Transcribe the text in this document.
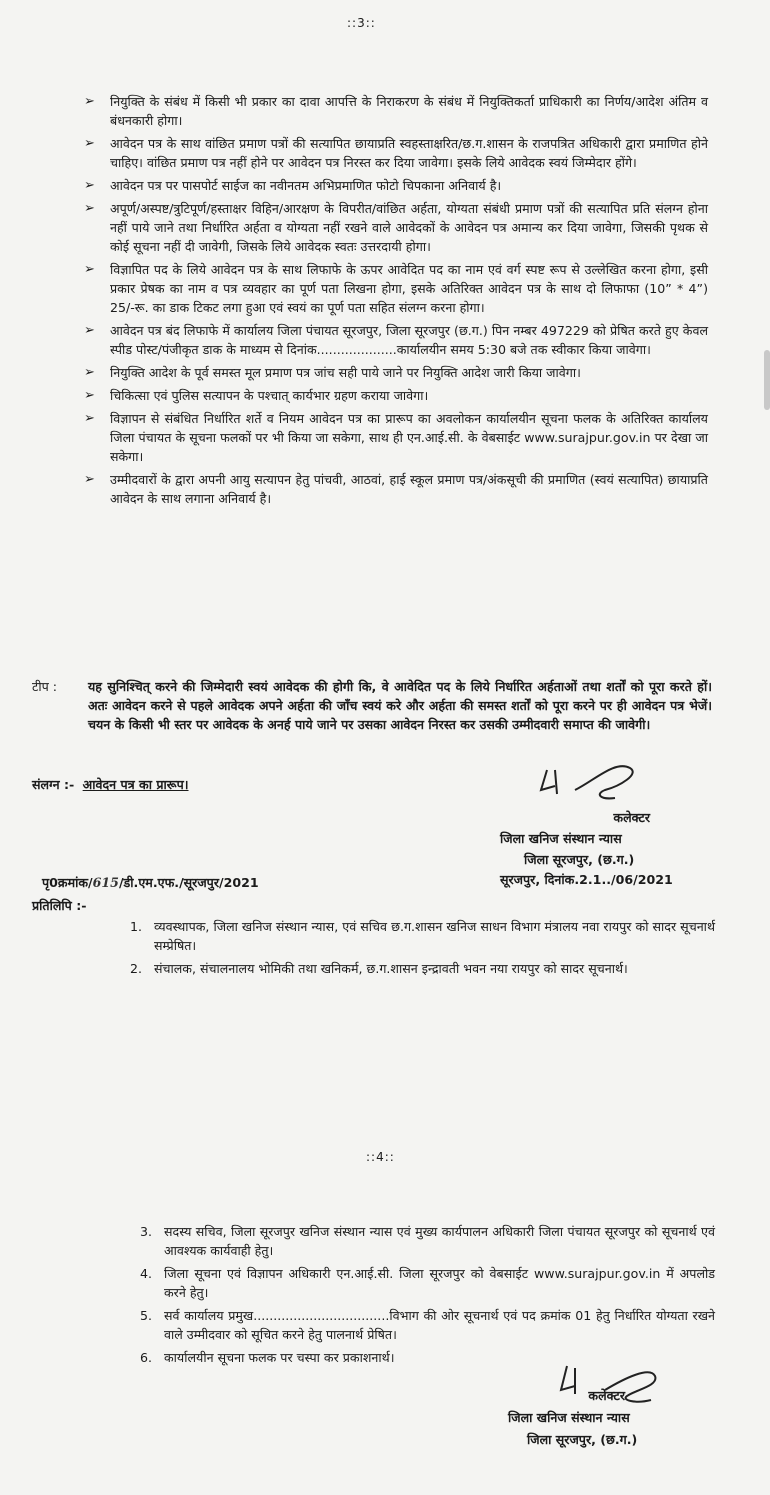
::3::
➢ नियुक्ति के संबंध में किसी भी प्रकार का दावा आपत्ति के निराकरण के संबंध में नियुक्तिकर्ता प्राधिकारी का निर्णय/आदेश अंतिम व बंधनकारी होगा।
➢ आवेदन पत्र के साथ वांछित प्रमाण पत्रों की सत्यापित छायाप्रति स्वहस्ताक्षरित/छ.ग.शासन के राजपत्रित अधिकारी द्वारा प्रमाणित होने चाहिए। वांछित प्रमाण पत्र नहीं होने पर आवेदन पत्र निरस्त कर दिया जावेगा। इसके लिये आवेदक स्वयं जिम्मेदार होंगे।
➢ आवेदन पत्र पर पासपोर्ट साईज का नवीनतम अभिप्रमाणित फोटो चिपकाना अनिवार्य है।
➢ अपूर्ण/अस्पष्ट/त्रुटिपूर्ण/हस्ताक्षर विहिन/आरक्षण के विपरीत/वांछित अर्हता, योग्यता संबंधी प्रमाण पत्रों की सत्यापित प्रति संलग्न होना नहीं पाये जाने तथा निर्धारित अर्हता व योग्यता नहीं रखने वाले आवेदकों के आवेदन पत्र अमान्य कर दिया जावेगा, जिसकी पृथक से कोई सूचना नहीं दी जावेगी, जिसके लिये आवेदक स्वतः उत्तरदायी होगा।
➢ विज्ञापित पद के लिये आवेदन पत्र के साथ लिफाफे के ऊपर आवेदित पद का नाम एवं वर्ग स्पष्ट रूप से उल्लेखित करना होगा, इसी प्रकार प्रेषक का नाम व पत्र व्यवहार का पूर्ण पता लिखना होगा, इसके अतिरिक्त आवेदन पत्र के साथ दो लिफाफा (10” * 4”) 25/-रू. का डाक टिकट लगा हुआ एवं स्वयं का पूर्ण पता सहित संलग्न करना होगा।
➢ आवेदन पत्र बंद लिफाफे में कार्यालय जिला पंचायत सूरजपुर, जिला सूरजपुर (छ.ग.) पिन नम्बर 497229 को प्रेषित करते हुए केवल स्पीड पोस्ट/पंजीकृत डाक के माध्यम से दिनांक....................कार्यालयीन समय 5:30 बजे तक स्वीकार किया जावेगा।
➢ नियुक्ति आदेश के पूर्व समस्त मूल प्रमाण पत्र जांच सही पाये जाने पर नियुक्ति आदेश जारी किया जावेगा।
➢ चिकित्सा एवं पुलिस सत्यापन के पश्चात् कार्यभार ग्रहण कराया जावेगा।
➢ विज्ञापन से संबंधित निर्धारित शर्ते व नियम आवेदन पत्र का प्रारूप का अवलोकन कार्यालयीन सूचना फलक के अतिरिक्त कार्यालय जिला पंचायत के सूचना फलकों पर भी किया जा सकेगा, साथ ही एन.आई.सी. के वेबसाईट www.surajpur.gov.in पर देखा जा सकेगा।
➢ उम्मीदवारों के द्वारा अपनी आयु सत्यापन हेतु पांचवी, आठवां, हाई स्कूल प्रमाण पत्र/अंकसूची की प्रमाणित (स्वयं सत्यापित) छायाप्रति आवेदन के साथ लगाना अनिवार्य है।
टीप :	यह सुनिश्चित् करने की जिम्मेदारी स्वयं आवेदक की होगी कि, वे आवेदित पद के लिये निर्धारित अर्हताओं तथा शर्तों को पूरा करते हों। अतः आवेदन करने से पहले आवेदक अपने अर्हता की जाँच स्वयं करे और अर्हता की समस्त शर्तों को पूरा करने पर ही आवेदन पत्र भेजें। चयन के किसी भी स्तर पर आवेदक के अनर्ह पाये जाने पर उसका आवेदन निरस्त कर उसकी उम्मीदवारी समाप्त की जावेगी।
संलग्न :- आवेदन पत्र का प्रारूप।
कलेक्टर
जिला खनिज संस्थान न्यास
जिला सूरजपुर, (छ.ग.)
सूरजपुर, दिनांक.2.1../06/2021
पृ0क्रमांक/615/डी.एम.एफ./सूरजपुर/2021
प्रतिलिपि :-
1. व्यवस्थापक, जिला खनिज संस्थान न्यास, एवं सचिव छ.ग.शासन खनिज साधन विभाग मंत्रालय नवा रायपुर को सादर सूचनार्थ सम्प्रेषित।
2. संचालक, संचालनालय भोमिकी तथा खनिकर्म, छ.ग.शासन इन्द्रावती भवन नया रायपुर को सादर सूचनार्थ।
::4::
3. सदस्य सचिव, जिला सूरजपुर खनिज संस्थान न्यास एवं मुख्य कार्यपालन अधिकारी जिला पंचायत सूरजपुर को सूचनार्थ एवं आवश्यक कार्यवाही हेतु।
4. जिला सूचना एवं विज्ञापन अधिकारी एन.आई.सी. जिला सूरजपुर को वेबसाईट www.surajpur.gov.in में अपलोड करने हेतु।
5. सर्व कार्यालय प्रमुख..................................विभाग की ओर सूचनार्थ एवं पद क्रमांक 01 हेतु निर्धारित योग्यता रखने वाले उम्मीदवार को सूचित करने हेतु पालनार्थ प्रेषित।
6. कार्यालयीन सूचना फलक पर चस्पा कर प्रकाशनार्थ।
कलेक्टर
जिला खनिज संस्थान न्यास
जिला सूरजपुर, (छ.ग.)
